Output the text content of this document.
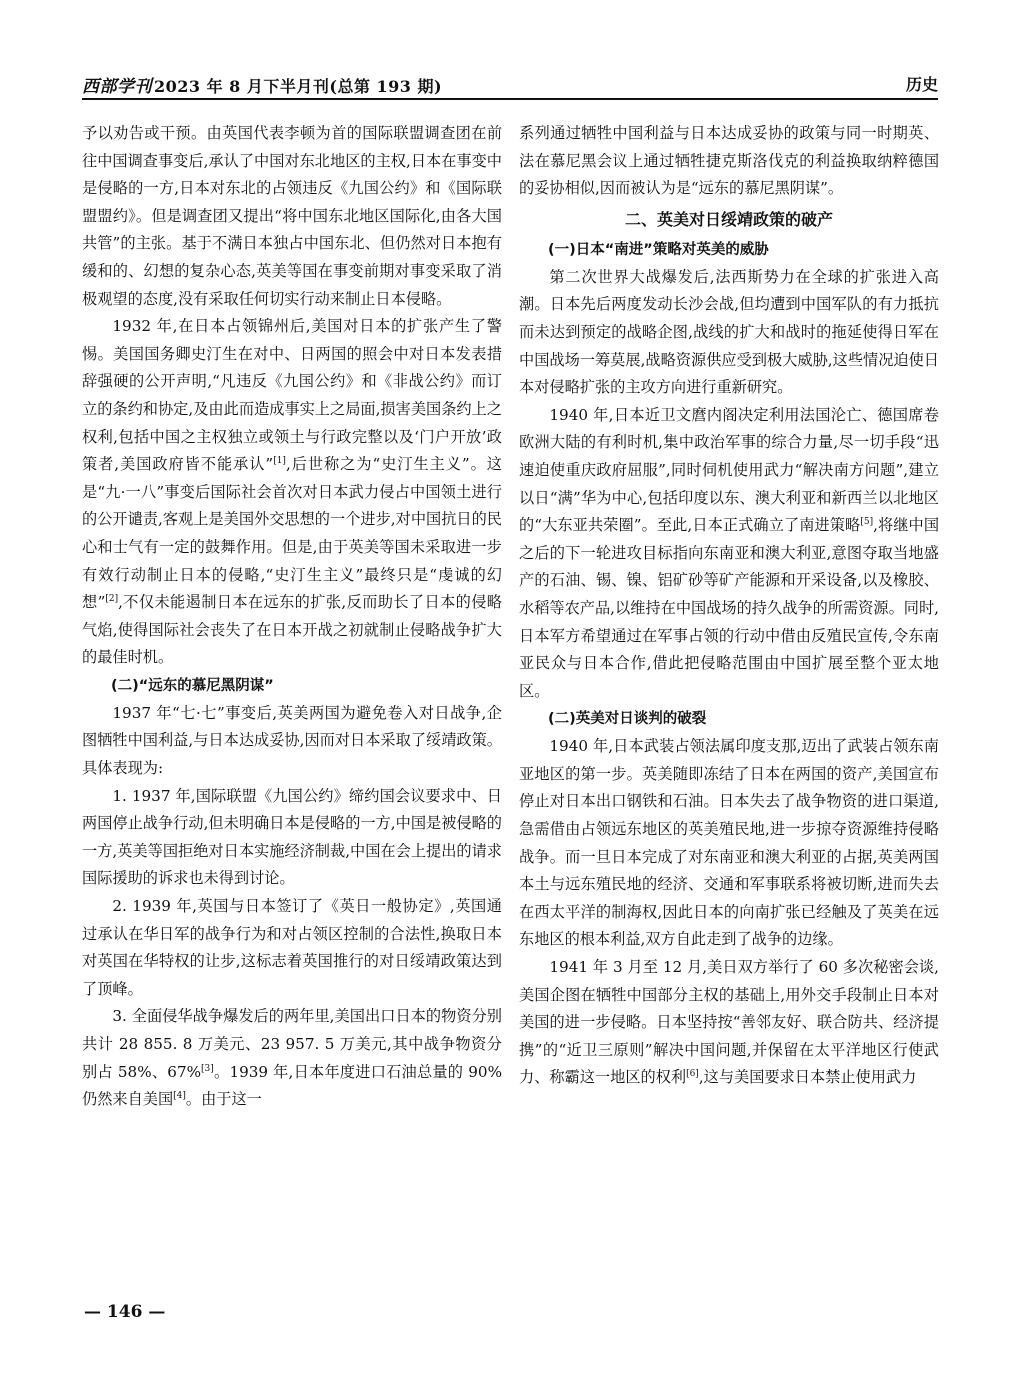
西部学刊 2023 年 8 月下半月刊(总第 193 期)	历史

予以劝告或干预。由英国代表李顿为首的国际联盟调查团在前往中国调查事变后,承认了中国对东北地区的主权,日本在事变中是侵略的一方,日本对东北的占领违反《九国公约》和《国际联盟盟约》。但是调查团又提出“将中国东北地区国际化,由各大国共管”的主张。基于不满日本独占中国东北、但仍然对日本抱有缓和的、幻想的复杂心态,英美等国在事变前期对事变采取了消极观望的态度,没有采取任何切实行动来制止日本侵略。

1932 年,在日本占领锦州后,美国对日本的扩张产生了警惕。美国国务卿史汀生在对中、日两国的照会中对日本发表措辞强硬的公开声明,“凡违反《九国公约》和《非战公约》而订立的条约和协定,及由此而造成事实上之局面,损害美国条约上之权利,包括中国之主权独立或领土与行政完整以及‘门户开放’政策者,美国政府皆不能承认”[1],后世称之为“史汀生主义”。这是“九·一八”事变后国际社会首次对日本武力侵占中国领土进行的公开谴责,客观上是美国外交思想的一个进步,对中国抗日的民心和士气有一定的鼓舞作用。但是,由于英美等国未采取进一步有效行动制止日本的侵略,“史汀生主义”最终只是“虔诚的幻想”[2],不仅未能遏制日本在远东的扩张,反而助长了日本的侵略气焰,使得国际社会丧失了在日本开战之初就制止侵略战争扩大的最佳时机。

(二)“远东的慕尼黑阴谋”

1937 年“七·七”事变后,英美两国为避免卷入对日战争,企图牺牲中国利益,与日本达成妥协,因而对日本采取了绥靖政策。具体表现为:

1. 1937 年,国际联盟《九国公约》缔约国会议要求中、日两国停止战争行动,但未明确日本是侵略的一方,中国是被侵略的一方,英美等国拒绝对日本实施经济制裁,中国在会上提出的请求国际援助的诉求也未得到讨论。

2. 1939 年,英国与日本签订了《英日一般协定》,英国通过承认在华日军的战争行为和对占领区控制的合法性,换取日本对英国在华特权的让步,这标志着英国推行的对日绥靖政策达到了顶峰。

3. 全面侵华战争爆发后的两年里,美国出口日本的物资分别共计 28 855. 8 万美元、23 957. 5 万美元,其中战争物资分别占 58%、67%[3]。1939 年,日本年度进口石油总量的 90%仍然来自美国[4]。由于这一

系列通过牺牲中国利益与日本达成妥协的政策与同一时期英、法在慕尼黑会议上通过牺牲捷克斯洛伐克的利益换取纳粹德国的妥协相似,因而被认为是“远东的慕尼黑阴谋”。

二、英美对日绥靖政策的破产
(一)日本“南进”策略对英美的威胁

第二次世界大战爆发后,法西斯势力在全球的扩张进入高潮。日本先后两度发动长沙会战,但均遭到中国军队的有力抵抗而未达到预定的战略企图,战线的扩大和战时的拖延使得日军在中国战场一筹莫展,战略资源供应受到极大威胁,这些情况迫使日本对侵略扩张的主攻方向进行重新研究。

1940 年,日本近卫文麿内阁决定利用法国沦亡、德国席卷欧洲大陆的有利时机,集中政治军事的综合力量,尽一切手段“迅速迫使重庆政府屈服”,同时伺机使用武力“解决南方问题”,建立以日“满”华为中心,包括印度以东、澳大利亚和新西兰以北地区的“大东亚共荣圈”。至此,日本正式确立了南进策略[5],将继中国之后的下一轮进攻目标指向东南亚和澳大利亚,意图夺取当地盛产的石油、锡、镍、铝矿砂等矿产能源和开采设备,以及橡胶、水稻等农产品,以维持在中国战场的持久战争的所需资源。同时,日本军方希望通过在军事占领的行动中借由反殖民宣传,令东南亚民众与日本合作,借此把侵略范围由中国扩展至整个亚太地区。

(二)英美对日谈判的破裂

1940 年,日本武装占领法属印度支那,迈出了武装占领东南亚地区的第一步。英美随即冻结了日本在两国的资产,美国宣布停止对日本出口钢铁和石油。日本失去了战争物资的进口渠道,急需借由占领远东地区的英美殖民地,进一步掠夺资源维持侵略战争。而一旦日本完成了对东南亚和澳大利亚的占据,英美两国本土与远东殖民地的经济、交通和军事联系将被切断,进而失去在西太平洋的制海权,因此日本的向南扩张已经触及了英美在远东地区的根本利益,双方自此走到了战争的边缘。

1941 年 3 月至 12 月,美日双方举行了 60 多次秘密会谈,美国企图在牺牲中国部分主权的基础上,用外交手段制止日本对美国的进一步侵略。日本坚持按“善邻友好、联合防共、经济提携”的“近卫三原则”解决中国问题,并保留在太平洋地区行使武力、称霸这一地区的权利[6],这与美国要求日本禁止使用武力

— 146 —
